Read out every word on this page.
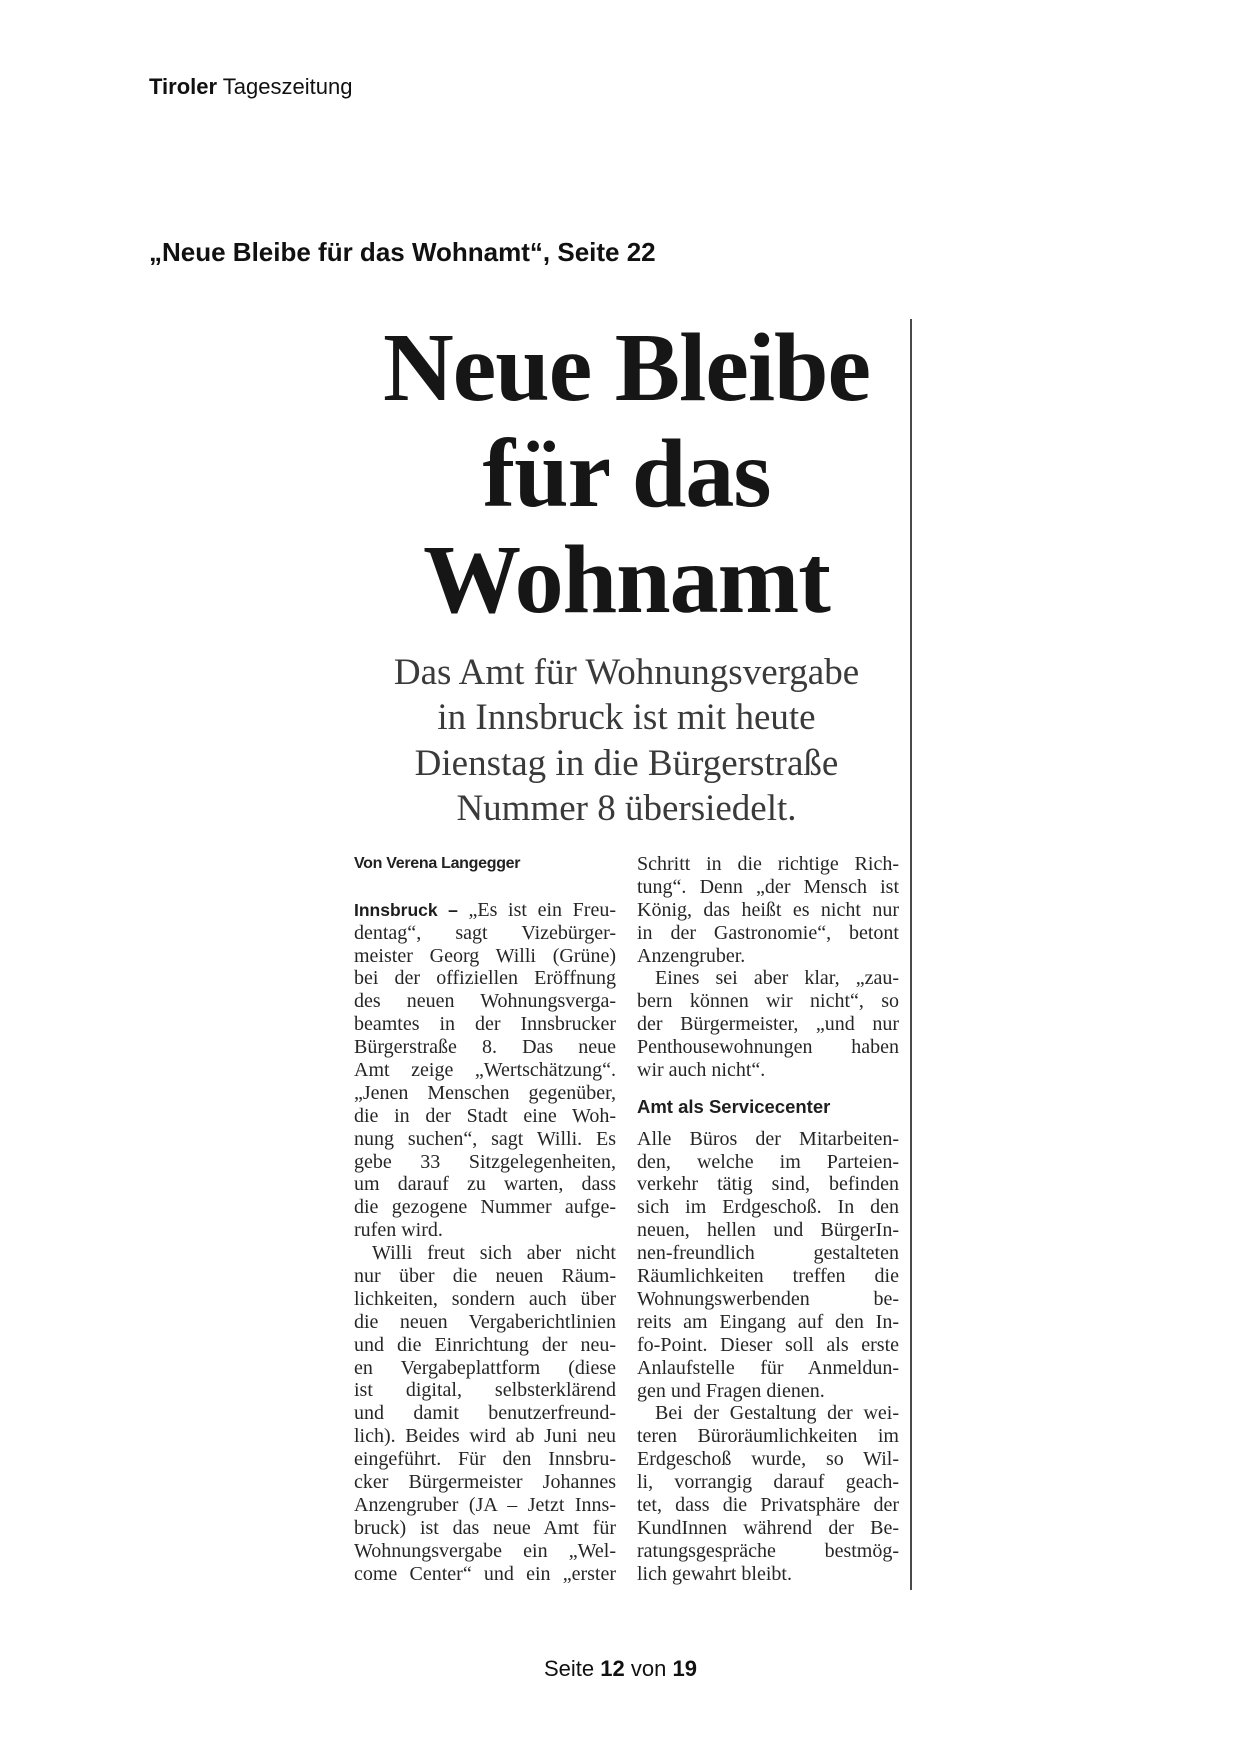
Tiroler Tageszeitung
„Neue Bleibe für das Wohnamt“, Seite 22
Neue Bleibe
für das
Wohnamt
Das Amt für Wohnungsvergabe
in Innsbruck ist mit heute
Dienstag in die Bürgerstraße
Nummer 8 übersiedelt.
Von Verena Langegger
Innsbruck – „Es ist ein Freu-
dentag“, sagt Vizebürger-
meister Georg Willi (Grüne)
bei der offiziellen Eröffnung
des neuen Wohnungsverga-
beamtes in der Innsbrucker
Bürgerstraße 8. Das neue
Amt zeige „Wertschätzung“.
„Jenen Menschen gegenüber,
die in der Stadt eine Woh-
nung suchen“, sagt Willi. Es
gebe 33 Sitzgelegenheiten,
um darauf zu warten, dass
die gezogene Nummer aufge-
rufen wird.
Willi freut sich aber nicht
nur über die neuen Räum-
lichkeiten, sondern auch über
die neuen Vergaberichtlinien
und die Einrichtung der neu-
en Vergabeplattform (diese
ist digital, selbsterklärend
und damit benutzerfreund-
lich). Beides wird ab Juni neu
eingeführt. Für den Innsbru-
cker Bürgermeister Johannes
Anzengruber (JA – Jetzt Inns-
bruck) ist das neue Amt für
Wohnungsvergabe ein „Wel-
come Center“ und ein „erster
Schritt in die richtige Rich-
tung“. Denn „der Mensch ist
König, das heißt es nicht nur
in der Gastronomie“, betont
Anzengruber.
Eines sei aber klar, „zau-
bern können wir nicht“, so
der Bürgermeister, „und nur
Penthousewohnungen haben
wir auch nicht“.
Amt als Servicecenter
Alle Büros der Mitarbeiten-
den, welche im Parteien-
verkehr tätig sind, befinden
sich im Erdgeschoß. In den
neuen, hellen und BürgerIn-
nen-freundlich gestalteten
Räumlichkeiten treffen die
Wohnungswerbenden be-
reits am Eingang auf den In-
fo-Point. Dieser soll als erste
Anlaufstelle für Anmeldun-
gen und Fragen dienen.
Bei der Gestaltung der wei-
teren Büroräumlichkeiten im
Erdgeschoß wurde, so Wil-
li, vorrangig darauf geach-
tet, dass die Privatsphäre der
KundInnen während der Be-
ratungsgespräche bestmög-
lich gewahrt bleibt.
Seite 12 von 19
